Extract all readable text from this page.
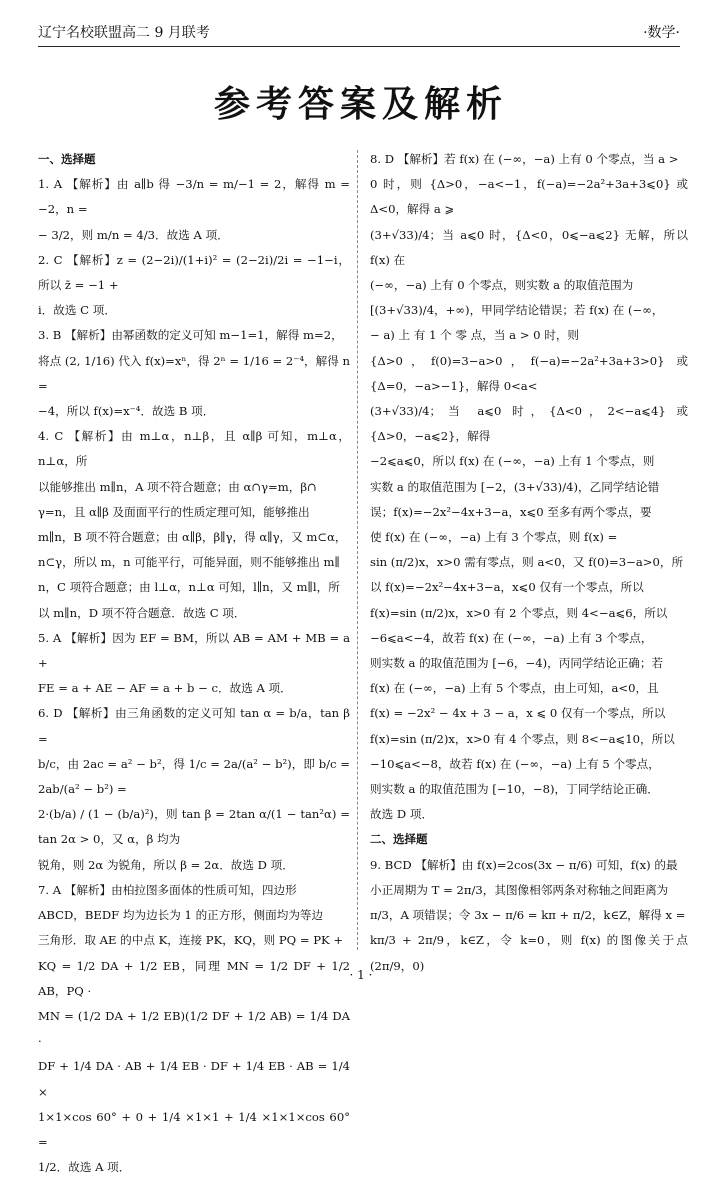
辽宁名校联盟高二 9 月联考	·数学·
参考答案及解析
一、选择题

1. A 【解析】由 a∥b 得 −3/n = m/−1 = 2，解得 m = −2，n =

− 3/2，则 m/n = 4/3．故选 A 项．

2. C 【解析】z = (2−2i)/(1+i)² = (2−2i)/2i = −1−i，所以 z̄ = −1 +

i．故选 C 项．

3. B 【解析】由幂函数的定义可知 m−1=1，解得 m=2，

将点 (2, 1/16) 代入 f(x)=xⁿ，得 2ⁿ = 1/16 = 2⁻⁴，解得 n =

−4，所以 f(x)=x⁻⁴．故选 B 项．

4. C 【解析】由 m⊥α，n⊥β，且 α∥β 可知，m⊥α，n⊥α，所

以能够推出 m∥n，A 项不符合题意；由 α∩γ=m，β∩

γ=n，且 α∥β 及面面平行的性质定理可知，能够推出

m∥n，B 项不符合题意；由 α∥β，β∥γ，得 α∥γ，又 m⊂α，

n⊂γ，所以 m，n 可能平行，可能异面，则不能够推出 m∥

n，C 项符合题意；由 l⊥α，n⊥α 可知，l∥n，又 m∥l，所

以 m∥n，D 项不符合题意．故选 C 项．

5. A 【解析】因为 EF = BM，所以 AB = AM + MB = a +

FE = a + AE − AF = a + b − c．故选 A 项．

6. D 【解析】由三角函数的定义可知 tan α = b/a，tan β =

b/c，由 2ac = a² − b²，得 1/c = 2a/(a² − b²)，即 b/c = 2ab/(a² − b²) =

2·(b/a) / (1 − (b/a)²)，则 tan β = 2tan α/(1 − tan²α) = tan 2α > 0，又 α，β 均为

锐角，则 2α 为锐角，所以 β = 2α．故选 D 项．

7. A 【解析】由柏拉图多面体的性质可知，四边形

ABCD，BEDF 均为边长为 1 的正方形，侧面均为等边

三角形．取 AE 的中点 K，连接 PK，KQ，则 PQ = PK +

KQ = 1/2 DA + 1/2 EB，同理 MN = 1/2 DF + 1/2 AB，PQ ·

MN = (1/2 DA + 1/2 EB)(1/2 DF + 1/2 AB) = 1/4 DA ·

DF + 1/4 DA · AB + 1/4 EB · DF + 1/4 EB · AB = 1/4 ×

1×1×cos 60° + 0 + 1/4 ×1×1 + 1/4 ×1×1×cos 60° =

1/2．故选 A 项．

8. D 【解析】若 f(x) 在 (−∞，−a) 上有 0 个零点，当 a >

0 时，则 {Δ>0，−a<−1，f(−a)=−2a²+3a+3⩽0} 或 Δ<0，解得 a ⩾

(3+√33)/4；当 a⩽0 时，{Δ<0，0⩽−a⩽2} 无解，所以 f(x) 在

(−∞，−a) 上有 0 个零点，则实数 a 的取值范围为

[(3+√33)/4，+∞)，甲同学结论错误；若 f(x) 在 (−∞，

− a) 上 有 1 个 零 点，当 a > 0 时，则

{Δ>0，f(0)=3−a>0，f(−a)=−2a²+3a+3>0} 或 {Δ=0，−a>−1}，解得 0<a<

(3+√33)/4；当 a⩽0 时，{Δ<0，2<−a⩽4} 或 {Δ>0，−a⩽2}，解得

−2⩽a⩽0，所以 f(x) 在 (−∞，−a) 上有 1 个零点，则

实数 a 的取值范围为 [−2，(3+√33)/4)，乙同学结论错

误；f(x)=−2x²−4x+3−a，x⩽0 至多有两个零点，要

使 f(x) 在 (−∞，−a) 上有 3 个零点，则 f(x) =

sin (π/2)x，x>0 需有零点，则 a<0，又 f(0)=3−a>0，所

以 f(x)=−2x²−4x+3−a，x⩽0 仅有一个零点，所以

f(x)=sin (π/2)x，x>0 有 2 个零点，则 4<−a⩽6，所以

−6⩽a<−4，故若 f(x) 在 (−∞，−a) 上有 3 个零点，

则实数 a 的取值范围为 [−6，−4)，丙同学结论正确；若

f(x) 在 (−∞，−a) 上有 5 个零点，由上可知，a<0，且

f(x) = −2x² − 4x + 3 − a，x ⩽ 0 仅有一个零点，所以

f(x)=sin (π/2)x，x>0 有 4 个零点，则 8<−a⩽10，所以

−10⩽a<−8，故若 f(x) 在 (−∞，−a) 上有 5 个零点，

则实数 a 的取值范围为 [−10，−8)，丁同学结论正确．

故选 D 项．

二、选择题

9. BCD 【解析】由 f(x)=2cos(3x − π/6) 可知，f(x) 的最

小正周期为 T = 2π/3，其图像相邻两条对称轴之间距离为

π/3，A 项错误；令 3x − π/6 = kπ + π/2，k∈Z，解得 x =

kπ/3 + 2π/9，k∈Z，令 k=0，则 f(x) 的图像关于点 (2π/9，0)

· 1 ·
